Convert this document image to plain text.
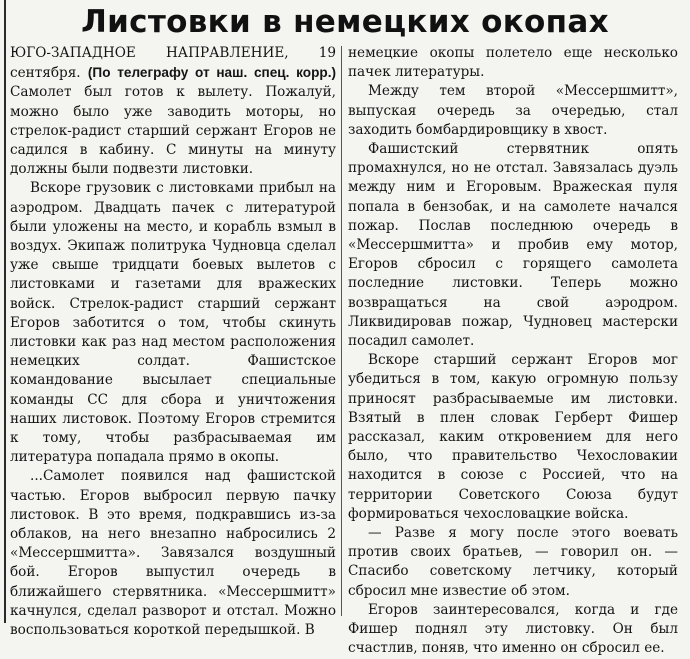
Листовки в немецких окопах

ЮГО-ЗАПАДНОЕ НАПРАВЛЕНИЕ, 19 сентября. (По телеграфу от наш. спец. корр.) Самолет был готов к вылету. Пожалуй, можно было уже заводить моторы, но стрелок-радист старший сержант Егоров не садился в кабину. С минуты на минуту должны были подвезти листовки.

Вскоре грузовик с листовками прибыл на аэродром. Двадцать пачек с литературой были уложены на место, и корабль взмыл в воздух. Экипаж политрука Чудновца сделал уже свыше тридцати боевых вылетов с листовками и газетами для вражеских войск. Стрелок-радист старший сержант Егоров заботится о том, чтобы скинуть листовки как раз над местом расположения немецких солдат. Фашистское командование высылает специальные команды СС для сбора и уничтожения наших листовок. Поэтому Егоров стремится к тому, чтобы разбрасываемая им литература попадала прямо в окопы.

...Самолет появился над фашистской частью. Егоров выбросил первую пачку листовок. В это время, подкравшись из-за облаков, на него внезапно набросились 2 «Мессершмитта». Завязался воздушный бой. Егоров выпустил очередь в ближайшего стервятника. «Мессершмитт» качнулся, сделал разворот и отстал. Можно воспользоваться короткой передышкой. В

немецкие окопы полетело еще несколько пачек литературы.

Между тем второй «Мессершмитт», выпуская очередь за очередью, стал заходить бомбардировщику в хвост.

Фашистский стервятник опять промахнулся, но не отстал. Завязалась дуэль между ним и Егоровым. Вражеская пуля попала в бензобак, и на самолете начался пожар. Послав последнюю очередь в «Мессершмитта» и пробив ему мотор, Егоров сбросил с горящего самолета последние листовки. Теперь можно возвращаться на свой аэродром. Ликвидировав пожар, Чудновец мастерски посадил самолет.

Вскоре старший сержант Егоров мог убедиться в том, какую огромную пользу приносят разбрасываемые им листовки. Взятый в плен словак Герберт Фишер рассказал, каким откровением для него было, что правительство Чехословакии находится в союзе с Россией, что на территории Советского Союза будут формироваться чехословацкие войска.

— Разве я могу после этого воевать против своих братьев, — говорил он. — Спасибо советскому летчику, который сбросил мне известие об этом.

Егоров заинтересовался, когда и где Фишер поднял эту листовку. Он был счастлив, поняв, что именно он сбросил ее.
